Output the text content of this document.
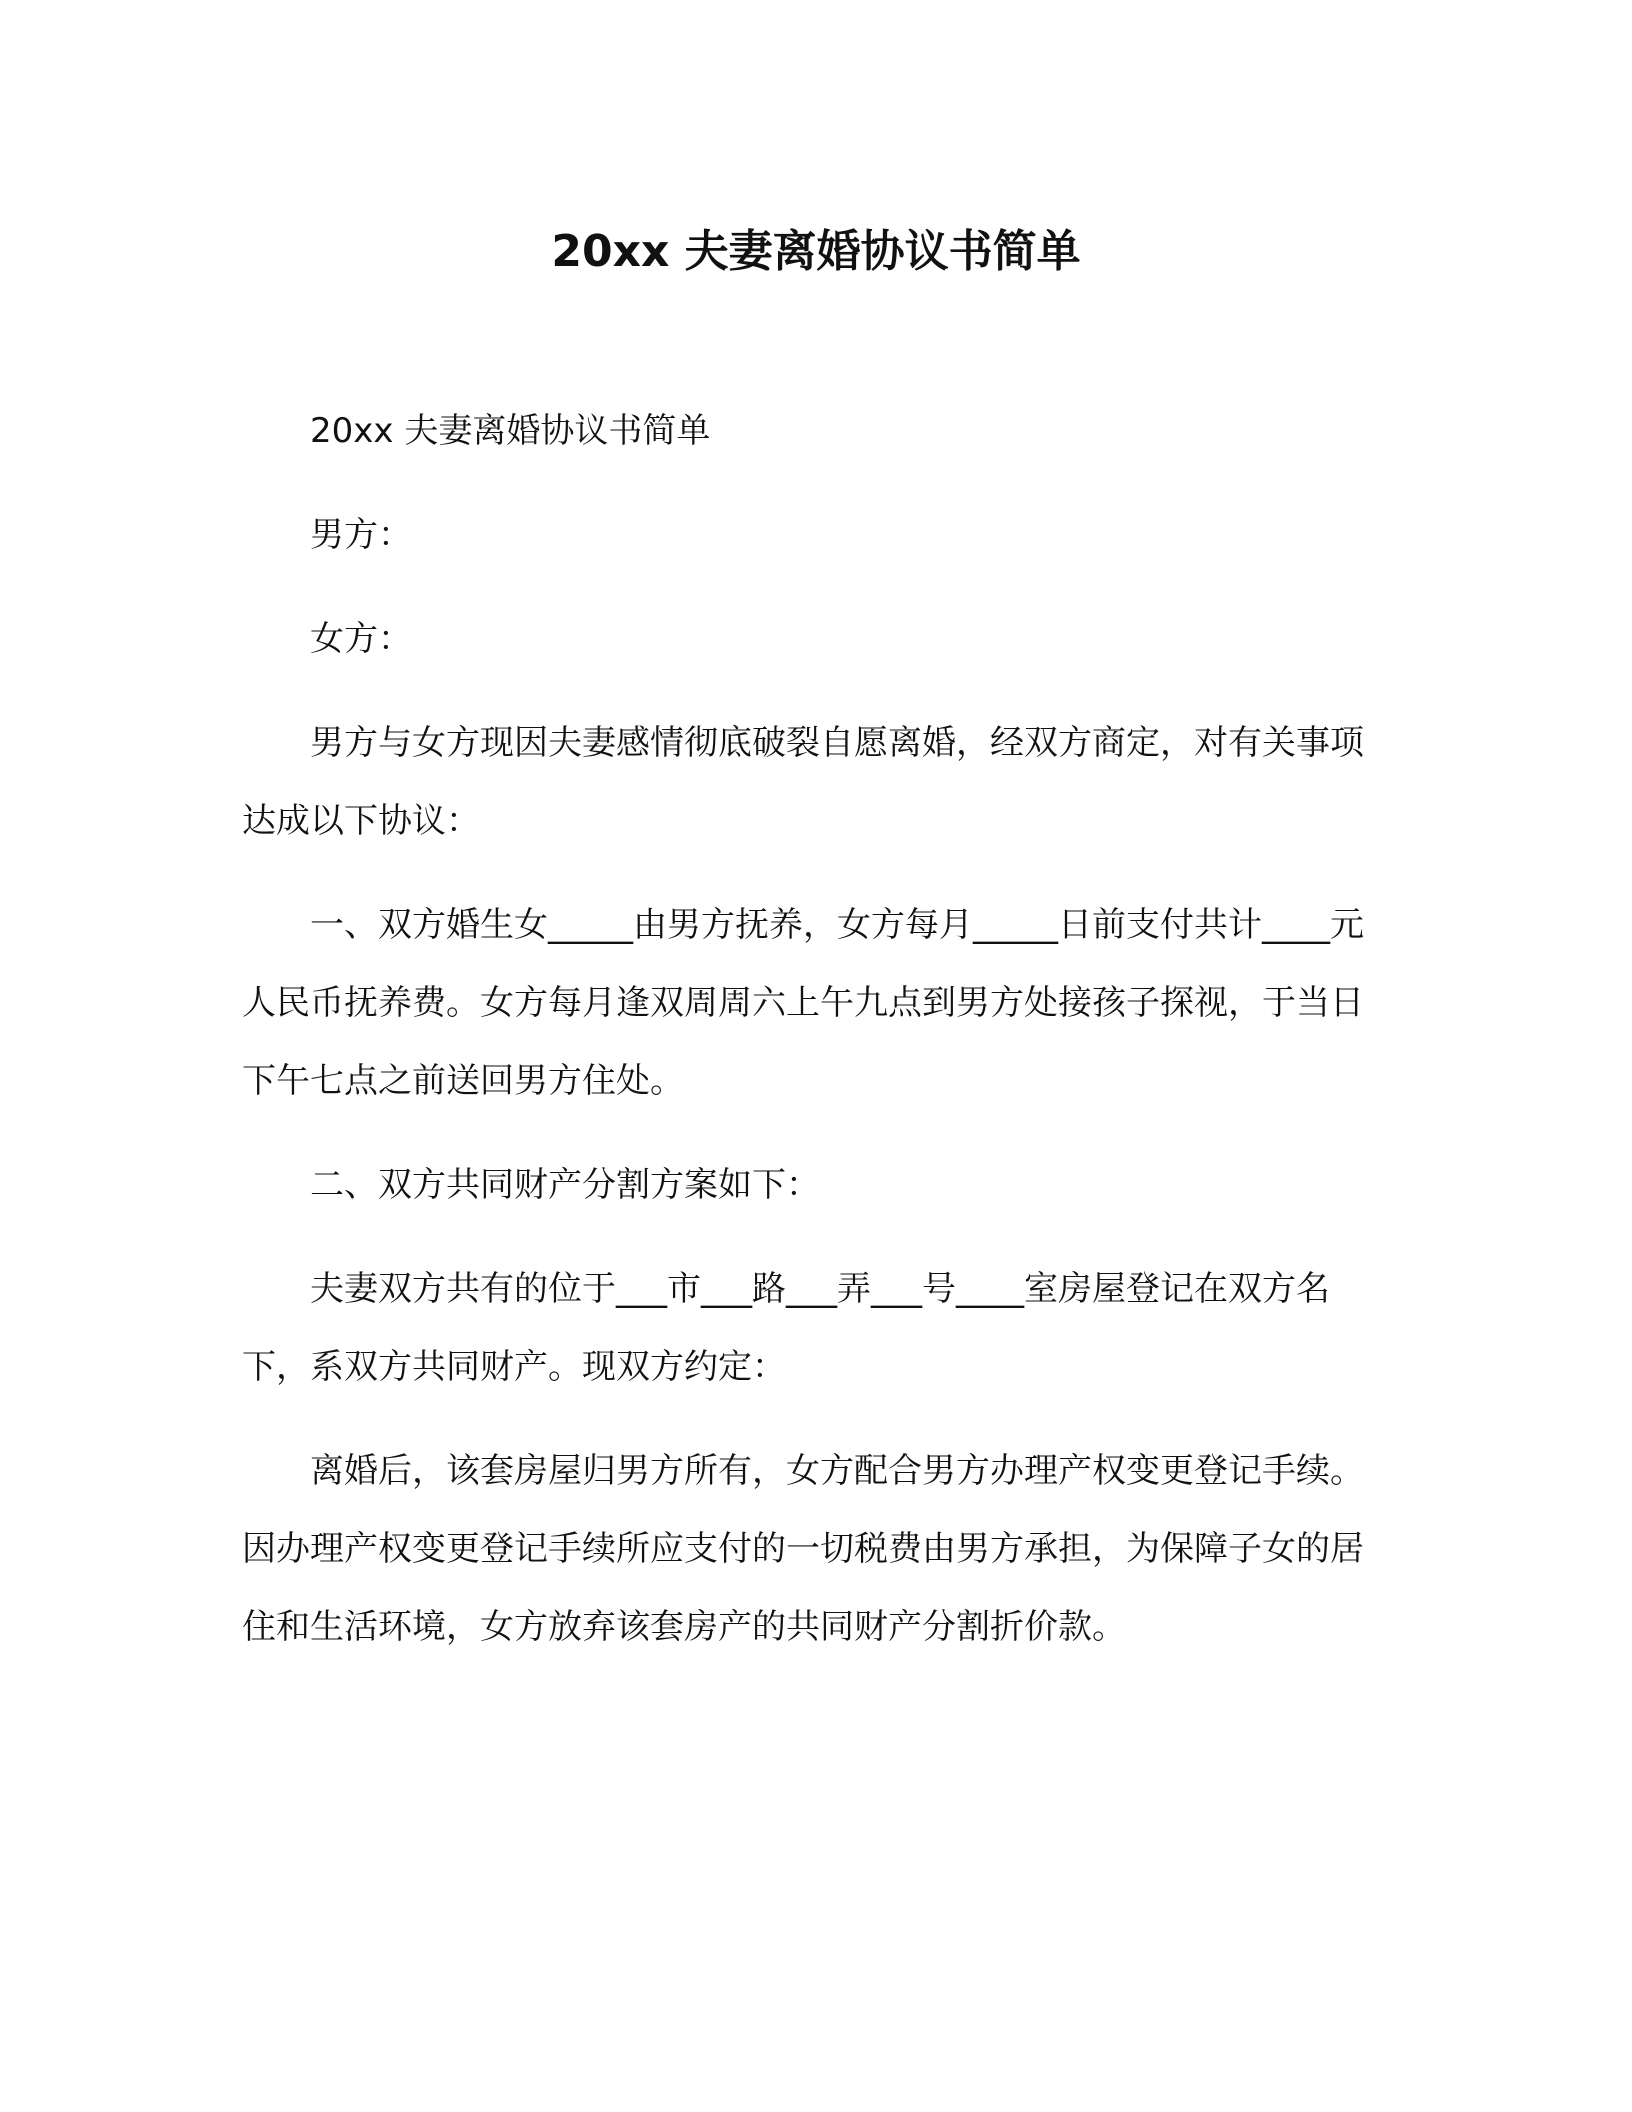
20xx 夫妻离婚协议书简单

20xx 夫妻离婚协议书简单

男方：

女方：

男方与女方现因夫妻感情彻底破裂自愿离婚，经双方商定，对有关事项达成以下协议：

一、双方婚生女_____由男方抚养，女方每月_____日前支付共计____元人民币抚养费。女方每月逢双周周六上午九点到男方处接孩子探视，于当日下午七点之前送回男方住处。

二、双方共同财产分割方案如下：

夫妻双方共有的位于___市___路___弄___号____室房屋登记在双方名下，系双方共同财产。现双方约定：

离婚后，该套房屋归男方所有，女方配合男方办理产权变更登记手续。因办理产权变更登记手续所应支付的一切税费由男方承担，为保障子女的居住和生活环境，女方放弃该套房产的共同财产分割折价款。
